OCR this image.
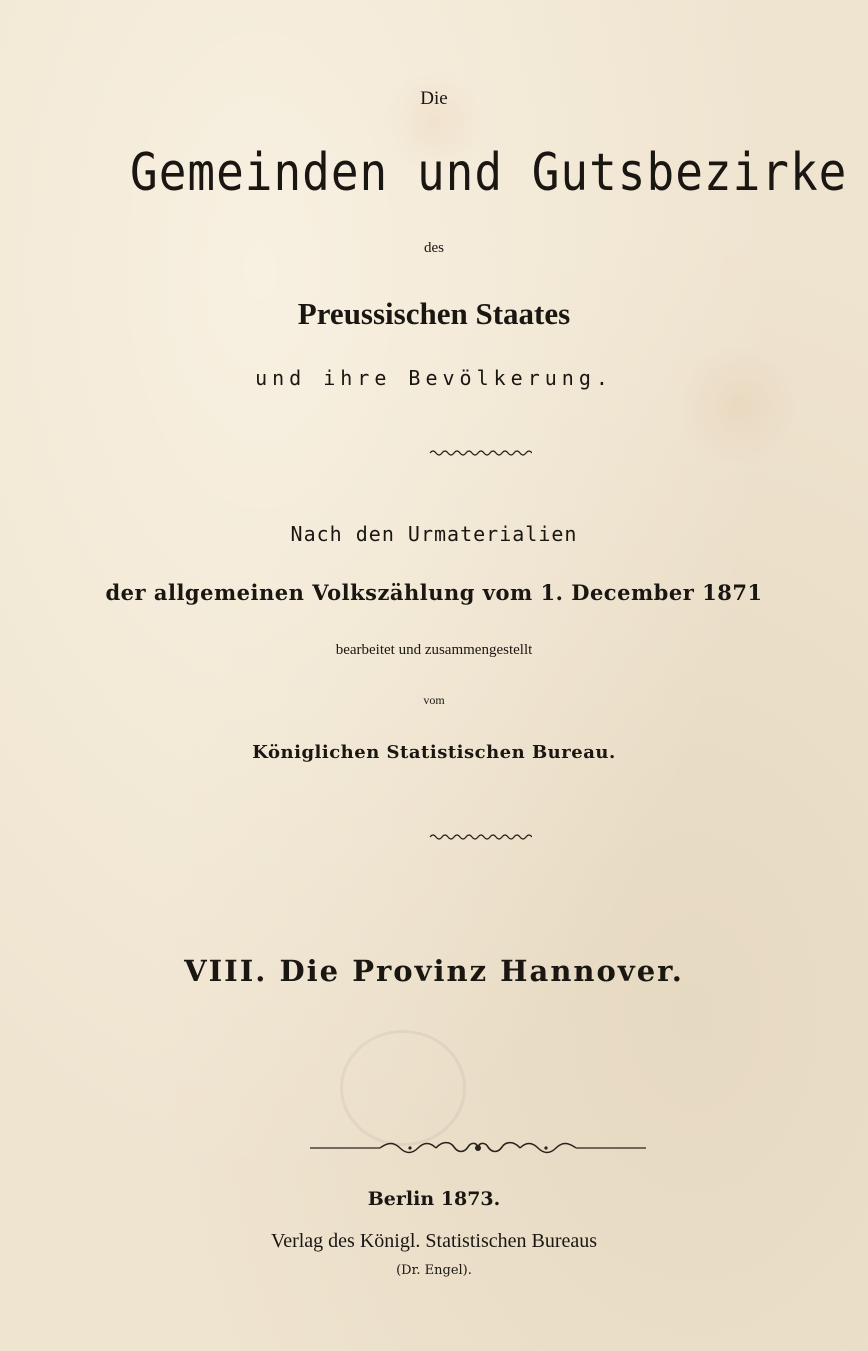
Die

Gemeinden und Gutsbezirke

des

Preussischen Staates

und ihre Bevölkerung.

Nach den Urmaterialien

der allgemeinen Volkszählung vom 1. December 1871

bearbeitet und zusammengestellt

vom

Königlichen Statistischen Bureau.

VIII. Die Provinz Hannover.

Berlin 1873.

Verlag des Königl. Statistischen Bureaus

(Dr. Engel).
